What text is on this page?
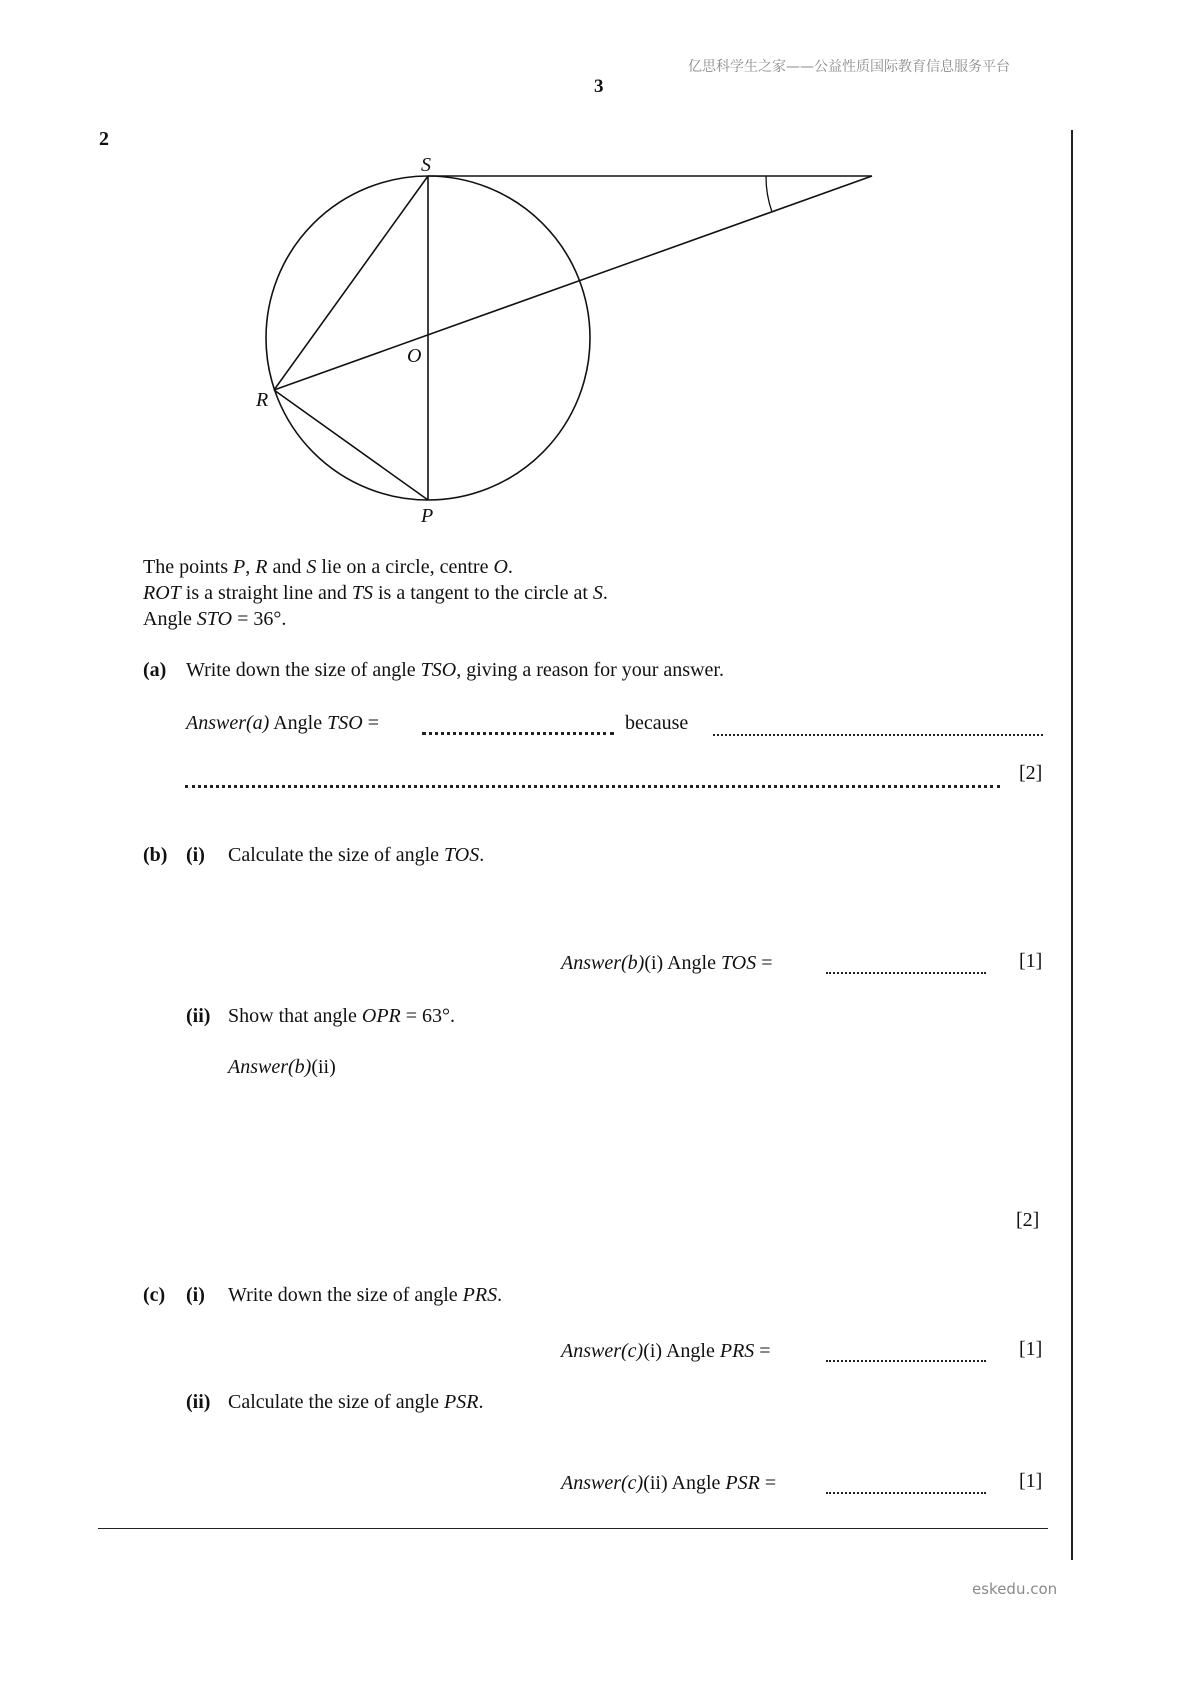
亿思科学生之家——公益性质国际教育信息服务平台
3
2
S
O
R
P
The points P, R and S lie on a circle, centre O.
ROT is a straight line and TS is a tangent to the circle at S.
Angle STO = 36°.
(a) Write down the size of angle TSO, giving a reason for your answer.
Answer(a) Angle TSO =	because
[2]
(b) (i) Calculate the size of angle TOS.
Answer(b)(i) Angle TOS =	[1]
(ii) Show that angle OPR = 63°.
Answer(b)(ii)
[2]
(c) (i) Write down the size of angle PRS.
Answer(c)(i) Angle PRS =	[1]
(ii) Calculate the size of angle PSR.
Answer(c)(ii) Angle PSR =	[1]
eskedu.con
